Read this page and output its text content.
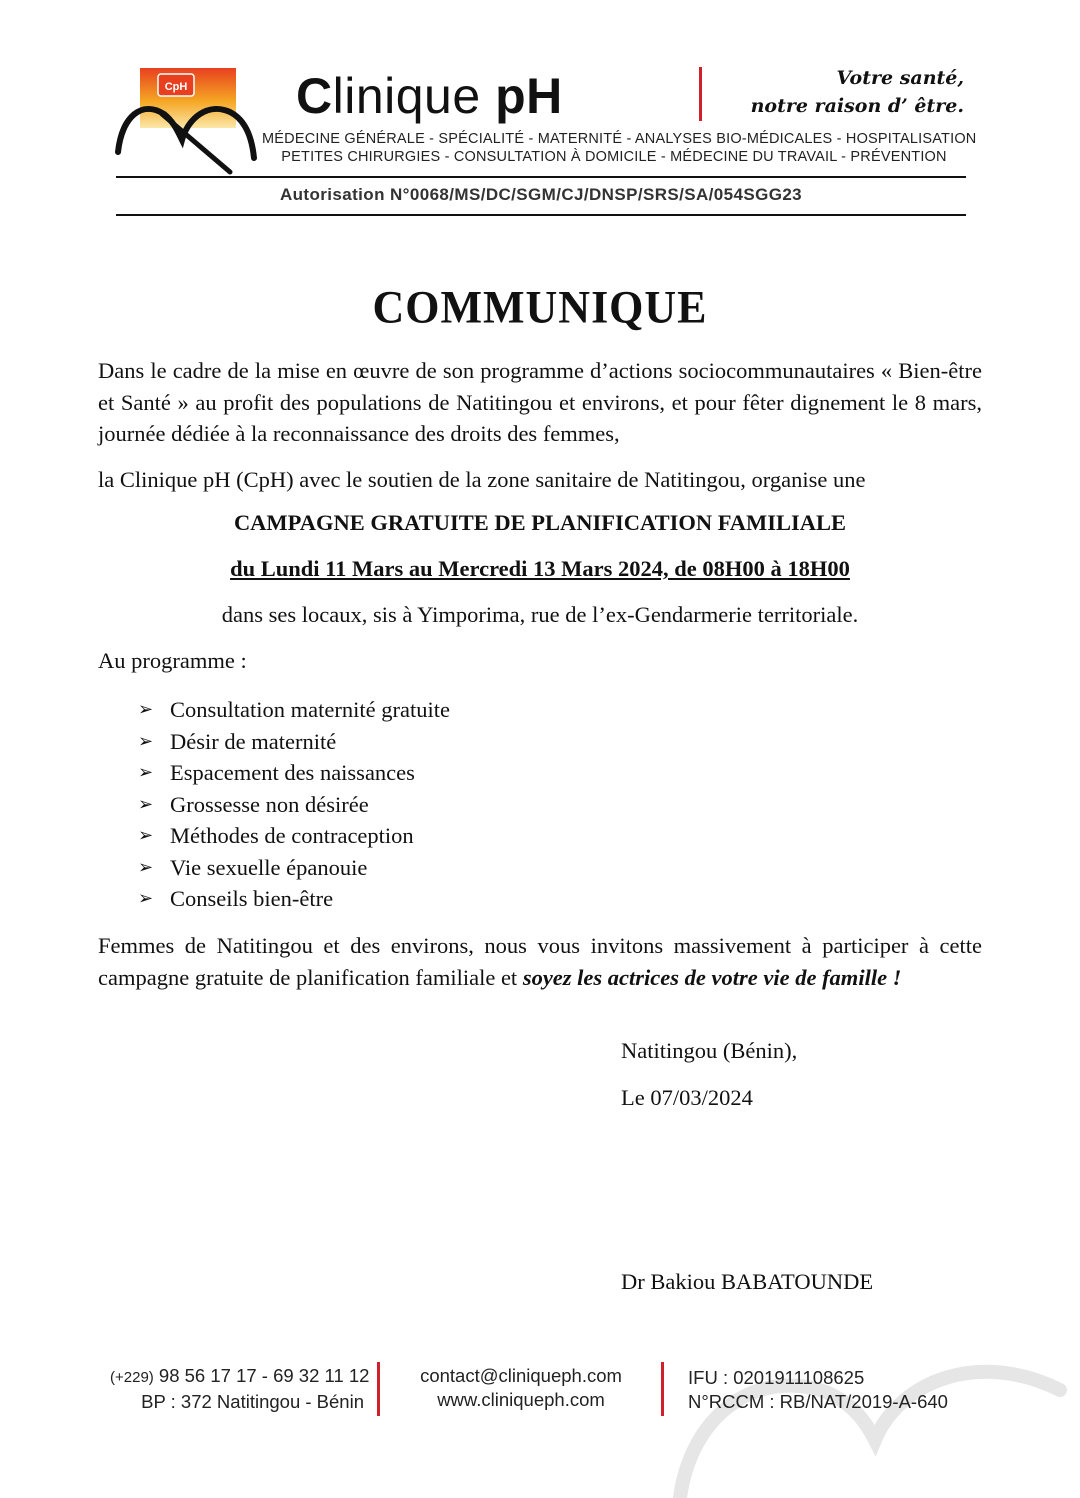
CpH Clinique pH	Votre santé,
notre raison d’ être.
MÉDECINE GÉNÉRALE - SPÉCIALITÉ - MATERNITÉ - ANALYSES BIO-MÉDICALES - HOSPITALISATION
PETITES CHIRURGIES - CONSULTATION À DOMICILE - MÉDECINE DU TRAVAIL - PRÉVENTION
Autorisation N°0068/MS/DC/SGM/CJ/DNSP/SRS/SA/054SGG23
COMMUNIQUE
Dans le cadre de la mise en œuvre de son programme d’actions sociocommunautaires « Bien-être et Santé » au profit des populations de Natitingou et environs, et pour fêter dignement le 8 mars, journée dédiée à la reconnaissance des droits des femmes,
la Clinique pH (CpH) avec le soutien de la zone sanitaire de Natitingou, organise une
CAMPAGNE GRATUITE DE PLANIFICATION FAMILIALE
du Lundi 11 Mars au Mercredi 13 Mars 2024, de 08H00 à 18H00
dans ses locaux, sis à Yimporima, rue de l’ex-Gendarmerie territoriale.
Au programme :
➢ Consultation maternité gratuite
➢ Désir de maternité
➢ Espacement des naissances
➢ Grossesse non désirée
➢ Méthodes de contraception
➢ Vie sexuelle épanouie
➢ Conseils bien-être
Femmes de Natitingou et des environs, nous vous invitons massivement à participer à cette campagne gratuite de planification familiale et soyez les actrices de votre vie de famille !
Natitingou (Bénin),
Le 07/03/2024
Dr Bakiou BABATOUNDE
(+229) 98 56 17 17 - 69 32 11 12
BP : 372 Natitingou - Bénin
contact@cliniqueph.com
www.cliniqueph.com
IFU : 0201911108625
N°RCCM : RB/NAT/2019-A-640
